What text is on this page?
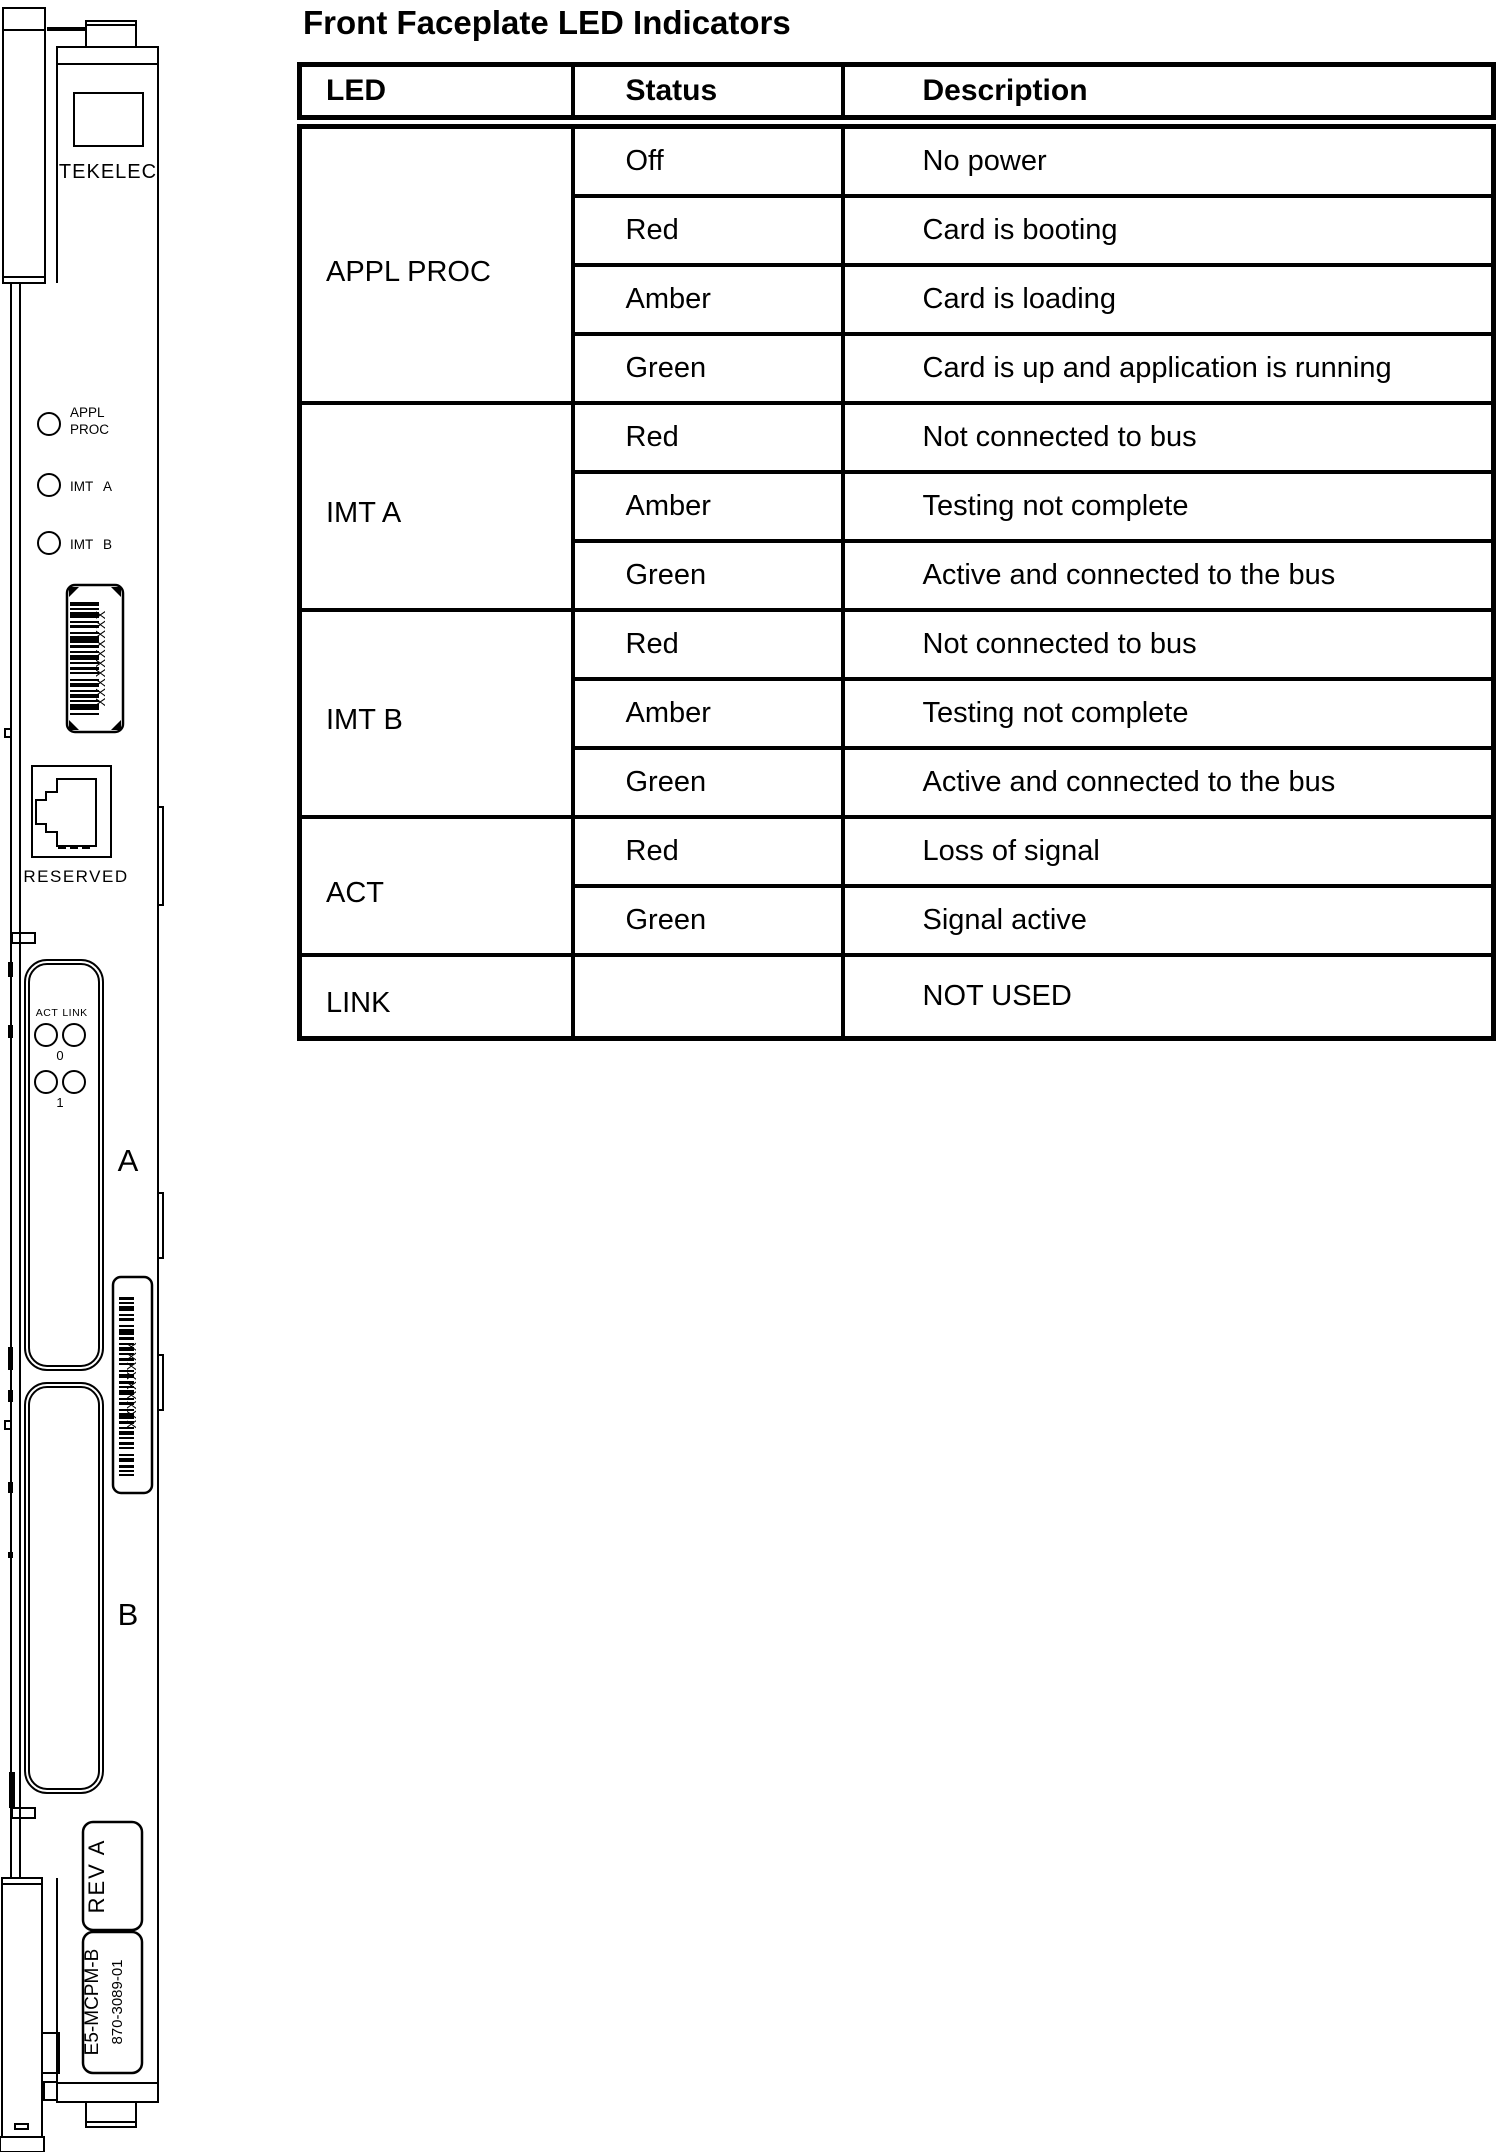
TEKELEC
APPL
PROC
IMT A
IMT B
XXXXXXXXXX
RESERVED
ACT LINK
0
1
A
XXXXXXXXX
B
REV A
E5-MCPM-B 870-3089-01
Front Faceplate LED Indicators
LED	Status	Description
APPL PROC	Off	No power
	Red	Card is booting
	Amber	Card is loading
	Green	Card is up and application is running
IMT A	Red	Not connected to bus
	Amber	Testing not complete
	Green	Active and connected to the bus
IMT B	Red	Not connected to bus
	Amber	Testing not complete
	Green	Active and connected to the bus
ACT	Red	Loss of signal
	Green	Signal active
LINK		NOT USED
